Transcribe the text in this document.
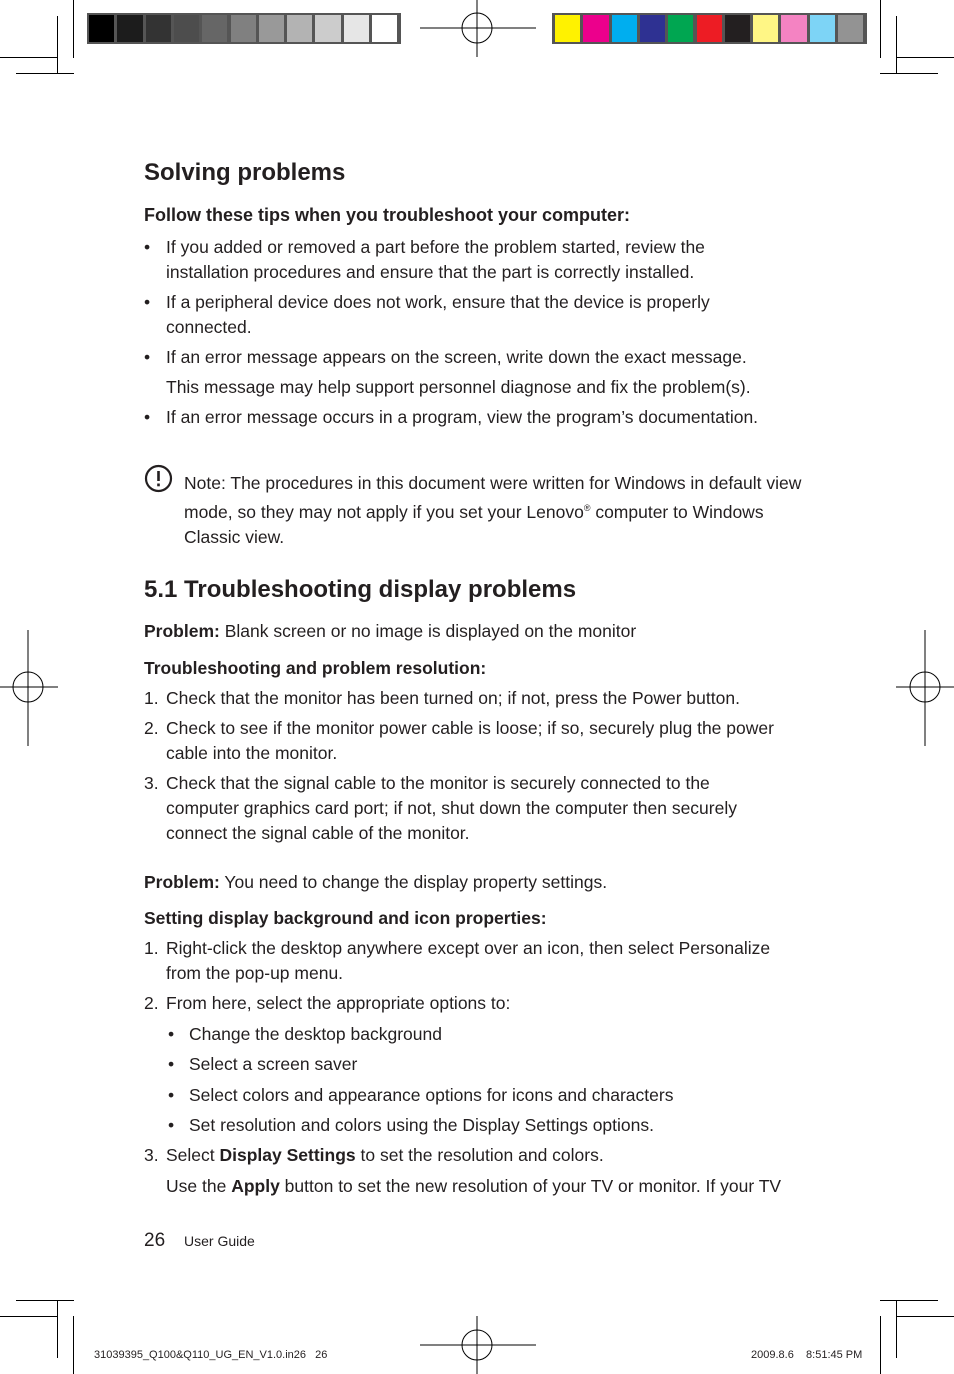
Solving problems
Follow these tips when you troubleshoot your computer:
• If you added or removed a part before the problem started, review the installation procedures and ensure that the part is correctly installed.
• If a peripheral device does not work, ensure that the device is properly connected.
• If an error message appears on the screen, write down the exact message.
This message may help support personnel diagnose and fix the problem(s).
• If an error message occurs in a program, view the program’s documentation.
Note: The procedures in this document were written for Windows in default view mode, so they may not apply if you set your Lenovo® computer to Windows Classic view.
5.1 Troubleshooting display problems
Problem: Blank screen or no image is displayed on the monitor
Troubleshooting and problem resolution:
1. Check that the monitor has been turned on; if not, press the Power button.
2. Check to see if the monitor power cable is loose; if so, securely plug the power cable into the monitor.
3. Check that the signal cable to the monitor is securely connected to the computer graphics card port; if not, shut down the computer then securely connect the signal cable of the monitor.
Problem: You need to change the display property settings.
Setting display background and icon properties:
1. Right-click the desktop anywhere except over an icon, then select Personalize from the pop-up menu.
2. From here, select the appropriate options to:
• Change the desktop background
• Select a screen saver
• Select colors and appearance options for icons and characters
• Set resolution and colors using the Display Settings options.
3. Select Display Settings to set the resolution and colors.
Use the Apply button to set the new resolution of your TV or monitor. If your TV
26 User Guide
31039395_Q100&Q110_UG_EN_V1.0.in26   26	2009.8.6    8:51:45 PM
